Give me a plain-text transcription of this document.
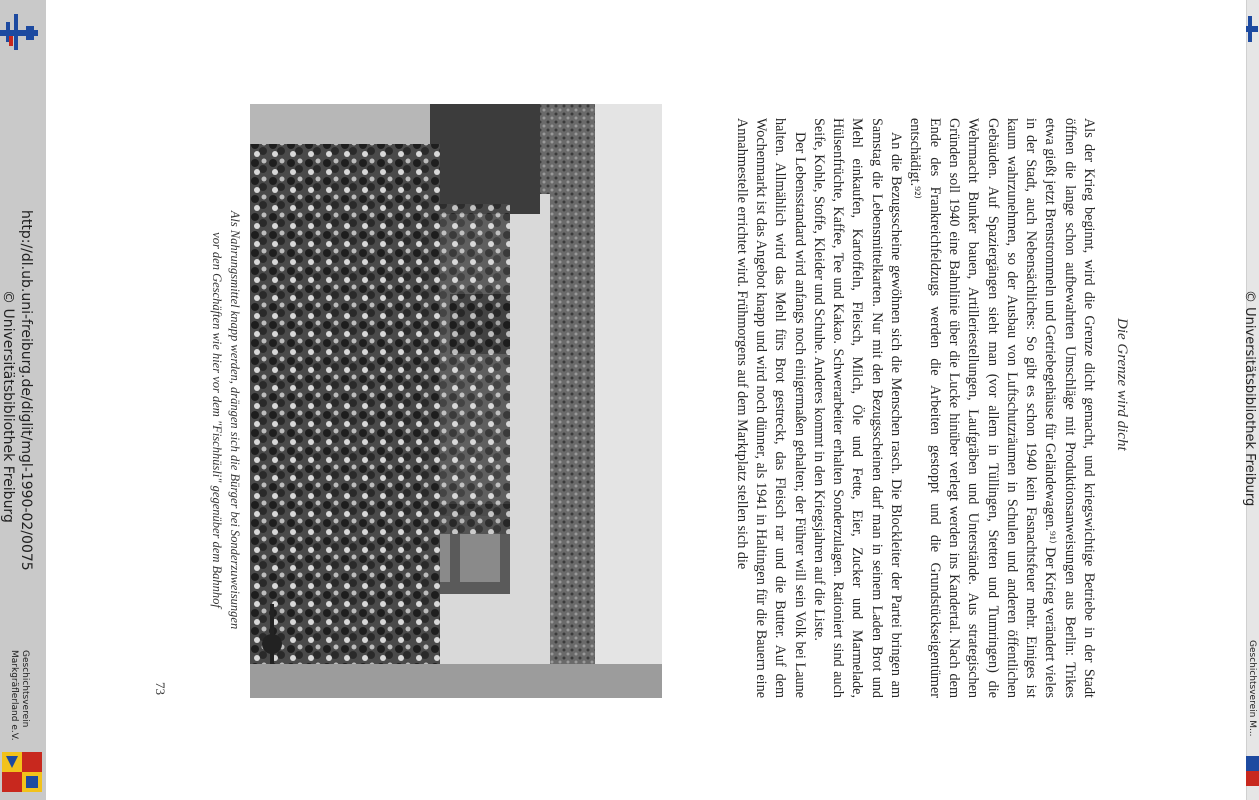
Die Grenze wird dicht

Als der Krieg beginnt, wird die Grenze dicht gemacht, und kriegswichtige Betriebe in der Stadt öffnen die lange schon aufbewahrten Umschläge mit Produktionsanweisungen aus Berlin: Trikes etwa gießt jetzt Brenstrommeln und Getriebegehäuse für Geländewagen.⁹¹⁾ Der Krieg verändert vieles in der Stadt, auch Nebensächliches: So gibt es schon 1940 kein Fasnachtsfeuer mehr. Einiges ist kaum wahrzunehmen, so der Ausbau von Luftschutzräumen in Schulen und anderen öffentlichen Gebäuden. Auf Spaziergängen sieht man (vor allem in Tüllingen, Stetten und Tumringen) die Wehrmacht Bunker bauen, Artilleriestellungen, Laufgräben und Unterstände. Aus strategischen Gründen soll 1940 eine Bahnlinie über die Lucke hinüber verlegt werden ins Kandertal. Nach dem Ende des Frankreichfeldzugs werden die Arbeiten gestoppt und die Grundstückseigentümer entschädigt.⁹²⁾

An die Bezugsscheine gewöhnen sich die Menschen rasch. Die Blockleiter der Partei bringen am Samstag die Lebensmittelkarten. Nur mit den Bezugsscheinen darf man in seinem Laden Brot und Mehl einkaufen, Kartoffeln, Fleisch, Milch, Öle und Fette, Eier, Zucker und Marmelade, Hülsenfrüchte, Kaffee, Tee und Kakao. Schwerarbeiter erhalten Sonderzulagen. Rationiert sind auch Seife, Kohle, Stoffe, Kleider und Schuhe. Anderes kommt in den Kriegsjahren auf die Liste.

Der Lebensstandard wird anfangs noch einigermaßen gehalten; der Führer will sein Volk bei Laune halten. Allmählich wird das Mehl fürs Brot gestreckt, das Fleisch rar und die Butter. Auf dem Wochenmarkt ist das Angebot knapp und wird noch dünner, als 1941 in Haltingen für die Bauern eine Annahmestelle errichtet wird. Frühmorgens auf dem Marktplatz stellen sich die

Als Nahrungsmittel knapp werden, drängen sich die Bürger bei Sonderzuweisungen
vor den Geschäften wie hier vor dem "Fischhüsli" gegenüber dem Bahnhof
73
http://dl.ub.uni-freiburg.de/diglit/mgl-1990-02/0075
© Universitätsbibliothek Freiburg
Geschichtsverein
Markgräflerland e.V.
© Universitätsbibliothek Freiburg
Geschichtsverein M...
